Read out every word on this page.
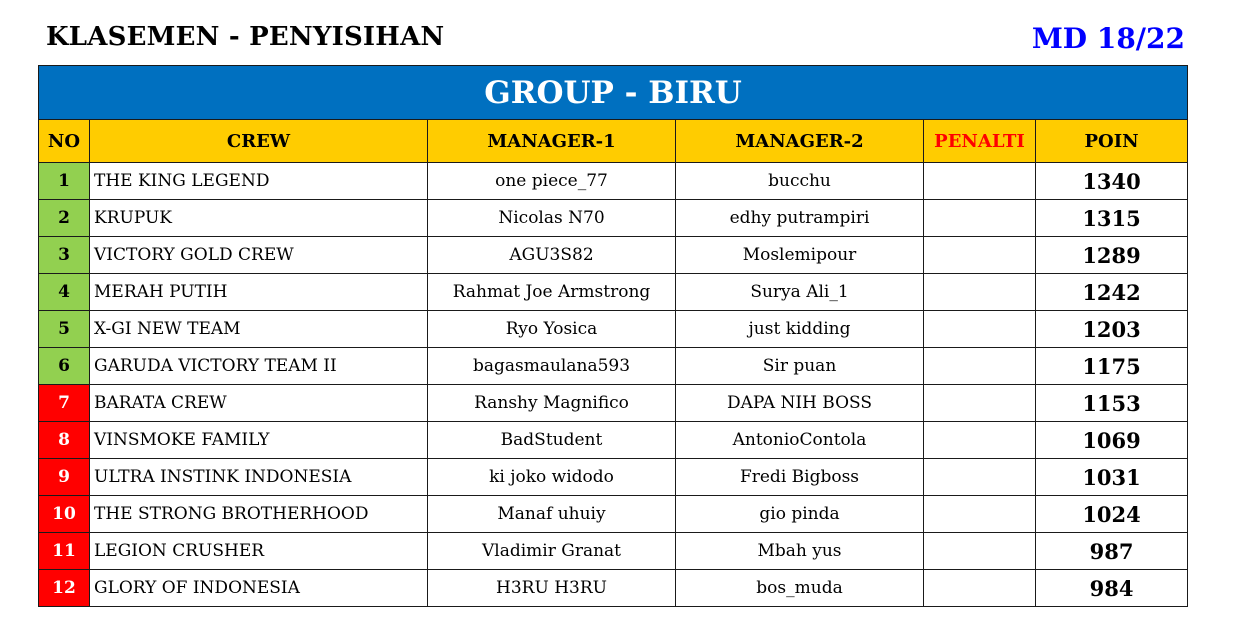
KLASEMEN - PENYISIHAN	MD 18/22
GROUP - BIRU					
NO	CREW	MANAGER-1	MANAGER-2	PENALTI	POIN
1	THE KING LEGEND	one piece_77	bucchu		1340
2	KRUPUK	Nicolas N70	edhy putrampiri		1315
3	VICTORY GOLD CREW	AGU3S82	Moslemipour		1289
4	MERAH PUTIH	Rahmat Joe Armstrong	Surya Ali_1		1242
5	X-GI NEW TEAM	Ryo Yosica	just kidding		1203
6	GARUDA VICTORY TEAM II	bagasmaulana593	Sir puan		1175
7	BARATA CREW	Ranshy Magnifico	DAPA NIH BOSS		1153
8	VINSMOKE FAMILY	BadStudent	AntonioContola		1069
9	ULTRA INSTINK INDONESIA	ki joko widodo	Fredi Bigboss		1031
10	THE STRONG BROTHERHOOD	Manaf uhuiy	gio pinda		1024
11	LEGION CRUSHER	Vladimir Granat	Mbah yus		987
12	GLORY OF INDONESIA	H3RU H3RU	bos_muda		984
